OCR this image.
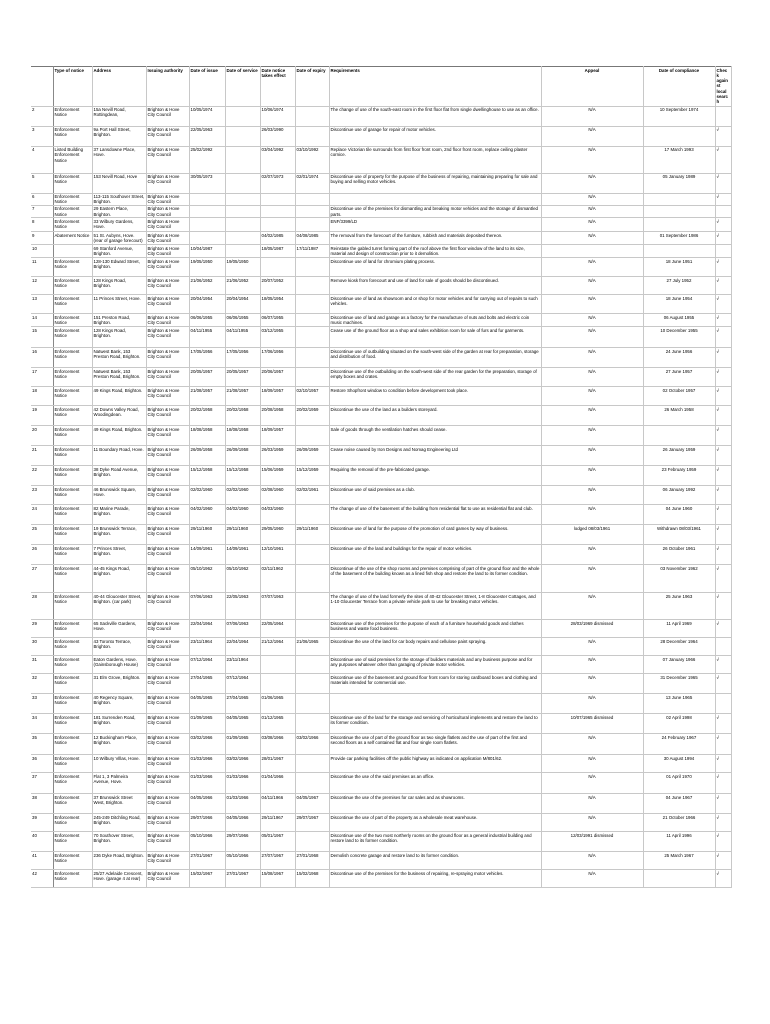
	Type of notice	Address	Issuing authority	Date of issue	Date of service	Date notice takes effect	Date of expiry	Requirements	Appeal	Date of compliance	Check against local search
2	Enforcement Notice	15a Nevill Road, Rottingdean,	Brighton & Hove City Council	10/05/1974		10/06/1974		The change of use of the south-east room in the first floor flat from single dwellinghouse to use as an office.	N/A	10 September 1974	
3	Enforcement Notice	9a Port Hall Street, Brighton.	Brighton & Hove City Council	22/05/1963		26/03/1990		Discontinue use of garage for repair of motor vehicles.	N/A		√
4	Listed Building Enforcement Notice	37 Lansdowne Place, Hove.	Brighton & Hove City Council	25/02/1992		03/04/1992	03/10/1992	Replace Victorian tile surrounds from first floor front room, 2nd floor front room, replace ceiling plaster cornice.	N/A	17 March 1993	√
5	Enforcement Notice	153 Nevill Road, Hove	Brighton & Hove City Council	30/05/1973		02/07/1973	02/01/1974	Discontinue use of property for the purpose of the business of repairing, maintaining preparing for sale and buying and selling motor vehicles.	N/A	05 January 1989	√
6	Enforcement Notice	113-115 Southover Street, Brighton.	Brighton & Hove City Council						N/A		√
7	Enforcement Notice	29 Eastern Place, Brighton.	Brighton & Hove City Council					Discontinue use of the premises for dismantling and breaking motor vehicles and the storage of dismantled parts.	N/A		
8	Enforcement Notice	33 Wilbury Gardens, Hove.	Brighton & Hove City Council					ENF/3399/LD	N/A		√
9	Abatement Notice	51 St. Aubyns, Hove. (rear of garage forecourt)	Brighton & Hove City Council			04/02/1985	04/08/1985	The removal from the forecourt of the furniture, rubbish and materials deposited thereon.	N/A	01 September 1986	√
10		69 Stanford Avenue, Brighton.	Brighton & Hove City Council	10/04/1987		18/05/1987	17/11/1987	Reinstate the gabled turret forming part of the roof above the first floor window of the land to its size, material and design of construction prior to it demolition.			
11	Enforcement Notice	128-130 Edward Street, Brighton.	Brighton & Hove City Council	19/05/1950	19/05/1950			Discontinue use of land for chromium plating process.	N/A	18 June 1951	√
12	Enforcement Notice	128 Kings Road, Brighton.	Brighton & Hove City Council	21/06/1952	21/06/1952	20/07/1952		Remove kiosk from forecourt and use of land for sale of goods should be discontinued.	N/A	27 July 1952	√
13	Enforcement Notice	11 Princes Street, Hove.	Brighton & Hove City Council	20/04/1954	20/04/1954	18/05/1954		Discontinue use of land as showroom and or shop for motor vehicles and for carrying out of repairs to such vehicles.	N/A	18 June 1954	√
14	Enforcement Notice	151 Preston Road, Brighton.	Brighton & Hove City Council	06/06/1955	06/06/1955	06/07/1955		Discontinue use of land and garage as a factory for the manufacture of nuts and bolts and electric coin music machines.	N/A	06 August 1955	√
15	Enforcement Notice	128 Kings Road, Brighton.	Brighton & Hove City Council	04/11/1955	04/11/1955	03/12/1955		Cease use of the ground floor as a shop and sales exhibition room for sale of furs and fur garments.	N/A	10 December 1955	√
16	Enforcement Notice	Natwest Bank, 153 Preston Road, Brighton.	Brighton & Hove City Council	17/05/1956	17/05/1956	17/06/1956		Discontinue use of outbuilding situated on the south-west side of the garden at rear for preparation, storage and distribution of food.	N/A	24 June 1956	√
17	Enforcement Notice	Natwest Bank, 153 Preston Road, Brighton.	Brighton & Hove City Council	20/05/1957	20/05/1957	20/06/1957		Discontinue use of the outbuilding on the south-west side of the rear garden for the preparation, storage of empty boxes and crates.	N/A	27 June 1957	√
18	Enforcement Notice	49 Kings Road, Brighton.	Brighton & Hove City Council	21/08/1957	21/08/1957	18/09/1957	02/10/1957	Restore Shopfront window to condition before development took place.	N/A	02 October 1957	√
19	Enforcement Notice	42 Downs Valley Road, Woodingdean.	Brighton & Hove City Council	20/02/1958	20/02/1958	20/08/1958	20/02/1959	Discontinue the use of the land as a builders storeyard.	N/A	26 March 1958	√
20	Enforcement Notice	49 Kings Road, Brighton.	Brighton & Hove City Council	18/08/1958	18/08/1958	18/09/1957		Sale of goods through the ventilation hatches should cease.	N/A		√
21	Enforcement Notice	11 Boundary Road, Hove.	Brighton & Hove City Council	26/09/1958	26/09/1958	26/03/1959	26/09/1959	Cease noise caused by Iron Designs and Nomag Engineering Ltd	N/A	26 January 1959	√
22	Enforcement Notice	38 Dyke Road Avenue, Brighton.	Brighton & Hove City Council	15/12/1958	15/12/1958	15/06/1959	15/12/1959	Requiring the removal of the pre-fabricated garage.	N/A	23 February 1959	√
23	Enforcement Notice	46 Brunswick Square, Hove.	Brighton & Hove City Council	02/02/1960	02/02/1960	02/08/1960	02/02/1961	Discontinue use of said premises as a club.	N/A	06 January 1992	√
24	Enforcement Notice	82 Marine Parade, Brighton.	Brighton & Hove City Council	04/02/1960	04/02/1960	04/03/1960		The change of use of the basement of the building from residential flat to use as residential flat and club.	N/A	04 June 1960	√
25	Enforcement Notice	19 Brunswick Terrace, Brighton.	Brighton & Hove City Council	29/11/1960	29/11/1960	29/05/1960	29/11/1960	Discontinue use of land for the purpose of the promotion of card games by way of business.	lodged 08/03/1961	Withdrawn 08/03/1961	√
26	Enforcement Notice	7 Princes Street, Brighton.	Brighton & Hove City Council	14/09/1961	14/09/1961	12/10/1961		Discontinue use of the land and buildings for the repair of motor vehicles.	N/A	26 October 1961	√
27	Enforcement Notice	44-45 Kings Road, Brighton.	Brighton & Hove City Council	05/10/1962	05/10/1962	02/11/1962		Discontinue of the use of the shop rooms and premises comprising of part of the ground floor and the whole of the basement of the building known as a lined fish shop and restore the land to its former condition.	N/A	03 November 1962	√
28	Enforcement Notice	40-44 Gloucester Street, Brighton. (car park)	Brighton & Hove City Council	07/06/1963	22/05/1963	07/07/1963		The change of use of the land formerly the sites of 40-42 Gloucester Street, 1-8 Gloucester Cottages, and 1-10 Gloucester Terrace from a private vehicle park to use for breaking motor vehicles.	N/A	25 June 1963	√
29	Enforcement Notice	65 Sackville Gardens, Hove.	Brighton & Hove City Council	22/04/1964	07/06/1963	22/05/1964		Discontinue use of the premises for the purpose of each of a furniture household goods and clothes business and waste food business.	28/03/1969 dismissed	11 April 1969	√
30	Enforcement Notice	43 Toronto Terrace, Brighton.	Brighton & Hove City Council	23/11/1964	22/04/1964	21/12/1964	21/06/1965	Discontinue the use of the land for car body repairs and cellulose paint spraying.	N/A	28 December 1964	
31	Enforcement Notice	Eaton Gardens, Hove. (Gainsborough House)	Brighton & Hove City Council	07/12/1964	23/11/1964			Discontinue use of said premises for the storage of builders materials and any business purpose and for any purposes whatever other than garaging of private motor vehicles.	N/A	07 January 1966	√
32	Enforcement Notice	31 Elm Grove, Brighton.	Brighton & Hove City Council	27/04/1965	07/12/1964			Discontinue use of the basement and ground floor front room for storing cardboard boxes and clothing and materials intended for commercial use.	N/A	31 December 1965	√
33	Enforcement Notice	40 Regency Square, Brighton.	Brighton & Hove City Council	04/05/1965	27/04/1965	01/06/1965			N/A	13 June 1965	
34	Enforcement Notice	181 Surrenden Road, Brighton.	Brighton & Hove City Council	01/09/1965	04/05/1965	01/12/1965		Discontinue use of the land for the storage and servicing of horticultural implements and restore the land to its former condition.	10/07/1965 dismissed	02 April 1998	√
35	Enforcement Notice	12 Buckingham Place, Brighton.	Brighton & Hove City Council	03/02/1966	01/09/1965	03/08/1966	03/02/1966	Discontinue the use of part of the ground floor as two single flatlets and the use of part of the first and second floors as a self contained flat and four single room flatlets.	N/A	24 February 1967	√
36	Enforcement Notice	10 Wilbury Villas, Hove.	Brighton & Hove City Council	01/03/1966	03/02/1966	28/01/1967		Provide car parking facilities off the public highway as indicated on application M/801/62.	N/A	30 August 1994	√
37	Enforcement Notice	Flat 1, 3 Palmeira Avenue, Hove.	Brighton & Hove City Council	01/03/1966	01/03/1966	01/04/1966		Discontinue the use of the said premises as an office.	N/A	01 April 1970	√
38	Enforcement Notice	37 Brunswick Street West, Brighton.	Brighton & Hove City Council	04/05/1966	01/03/1966	04/11/1966	04/05/1967	Discontinue the use of the premises for car sales and as showrooms.	N/A	04 June 1967	√
39	Enforcement Notice	245-249 Ditchling Road, Brighton.	Brighton & Hove City Council	29/07/1966	04/05/1966	29/11/1967	29/07/1967	Discontinue the use of part of the property as a wholesale meat warehouse.	N/A	21 October 1966	√
40	Enforcement Notice	70 Southover Street, Brighton.	Brighton & Hove City Council	05/10/1966	29/07/1966	05/01/1967		Discontinue use of the two most northerly rooms on the ground floor as a general industrial building and restore land to its former condition.	12/03/1991 dismissed	11 April 1996	√
41	Enforcement Notice	236 Dyke Road, Brighton.	Brighton & Hove City Council	27/01/1967	05/10/1966	27/07/1967	27/01/1968	Demolish concrete garage and restore land to its former condition.	N/A	25 March 1967	√
42	Enforcement Notice	25/27 Adelaide Crescent, Hove. (garage 4 at rear)	Brighton & Hove City Council	15/02/1967	27/01/1967	15/08/1967	15/02/1968	Discontinue use of the premises for the business of repairing, re-spraying motor vehicles.	N/A		√
